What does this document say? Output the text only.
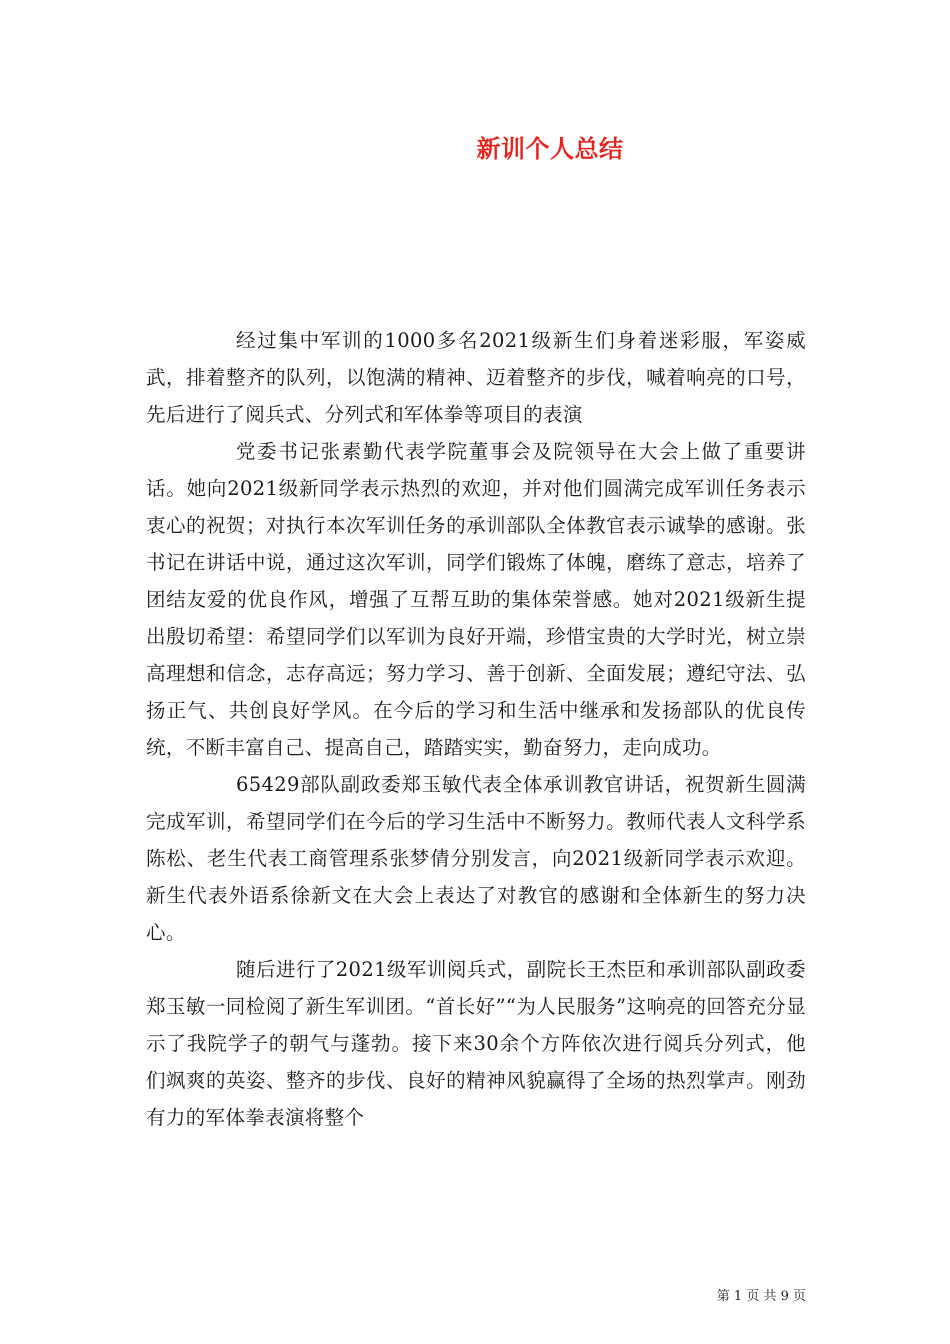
新训个人总结

经过集中军训的1000多名2021级新生们身着迷彩服，军姿威武，排着整齐的队列，以饱满的精神、迈着整齐的步伐，喊着响亮的口号，先后进行了阅兵式、分列式和军体拳等项目的表演

党委书记张素勤代表学院董事会及院领导在大会上做了重要讲话。她向2021级新同学表示热烈的欢迎，并对他们圆满完成军训任务表示衷心的祝贺；对执行本次军训任务的承训部队全体教官表示诚挚的感谢。张书记在讲话中说，通过这次军训，同学们锻炼了体魄，磨练了意志，培养了团结友爱的优良作风，增强了互帮互助的集体荣誉感。她对2021级新生提出殷切希望：希望同学们以军训为良好开端，珍惜宝贵的大学时光，树立崇高理想和信念，志存高远；努力学习、善于创新、全面发展；遵纪守法、弘扬正气、共创良好学风。在今后的学习和生活中继承和发扬部队的优良传统，不断丰富自己、提高自己，踏踏实实，勤奋努力，走向成功。

65429部队副政委郑玉敏代表全体承训教官讲话，祝贺新生圆满完成军训，希望同学们在今后的学习生活中不断努力。教师代表人文科学系陈松、老生代表工商管理系张梦倩分别发言，向2021级新同学表示欢迎。新生代表外语系徐新文在大会上表达了对教官的感谢和全体新生的努力决心。

随后进行了2021级军训阅兵式，副院长王杰臣和承训部队副政委郑玉敏一同检阅了新生军训团。“首长好”“为人民服务”这响亮的回答充分显示了我院学子的朝气与蓬勃。接下来30余个方阵依次进行阅兵分列式，他们飒爽的英姿、整齐的步伐、良好的精神风貌赢得了全场的热烈掌声。刚劲有力的军体拳表演将整个

第 1 页 共 9 页
